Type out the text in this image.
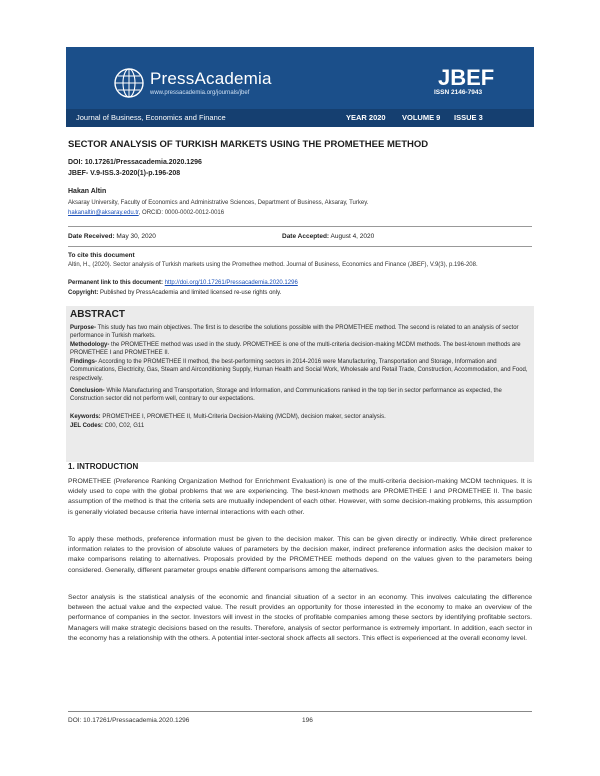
PressAcademia
www.pressacademia.org/journals/jbef
JBEF
ISSN 2146-7943
Journal of Business, Economics and Finance	YEAR 2020 VOLUME 9 ISSUE 3
SECTOR ANALYSIS OF TURKISH MARKETS USING THE PROMETHEE METHOD
DOI: 10.17261/Pressacademia.2020.1296
JBEF- V.9-ISS.3-2020(1)-p.196-208
Hakan Altin
Aksaray University, Faculty of Economics and Administrative Sciences, Department of Business, Aksaray, Turkey.
hakanaltin@aksaray.edu.tr, ORCID: 0000-0002-0012-0016
Date Received: May 30, 2020	Date Accepted: August 4, 2020
To cite this document
Altin, H., (2020). Sector analysis of Turkish markets using the Promethee method. Journal of Business, Economics and Finance (JBEF), V.9(3), p.196-208.
Permanent link to this document: http://doi.org/10.17261/Pressacademia.2020.1296
Copyright: Published by PressAcademia and limited licensed re-use rights only.
ABSTRACT

Purpose- This study has two main objectives. The first is to describe the solutions possible with the PROMETHEE method. The second is related to an analysis of sector performance in Turkish markets.

Methodology- the PROMETHEE method was used in the study. PROMETHEE is one of the multi-criteria decision-making MCDM methods. The best-known methods are PROMETHEE I and PROMETHEE II.

Findings- According to the PROMETHEE II method, the best-performing sectors in 2014-2016 were Manufacturing, Transportation and Storage, Information and Communications, Electricity, Gas, Steam and Airconditioning Supply, Human Health and Social Work, Wholesale and Retail Trade, Construction, Accommodation, and Food, respectively.

Conclusion- While Manufacturing and Transportation, Storage and Information, and Communications ranked in the top tier in sector performance as expected, the Construction sector did not perform well, contrary to our expectations.

Keywords: PROMETHEE I, PROMETHEE II, Multi-Criteria Decision-Making (MCDM), decision maker, sector analysis.

JEL Codes: C00, C02, G11

1. INTRODUCTION

PROMETHEE (Preference Ranking Organization Method for Enrichment Evaluation) is one of the multi-criteria decision-making MCDM techniques. It is widely used to cope with the global problems that we are experiencing. The best-known methods are PROMETHEE I and PROMETHEE II. The basic assumption of the method is that the criteria sets are mutually independent of each other. However, with some decision-making problems, this assumption is generally violated because criteria have internal interactions with each other.

To apply these methods, preference information must be given to the decision maker. This can be given directly or indirectly. While direct preference information relates to the provision of absolute values of parameters by the decision maker, indirect preference information asks the decision maker to make comparisons relating to alternatives. Proposals provided by the PROMETHEE methods depend on the values given to the parameters being considered. Generally, different parameter groups enable different comparisons among the alternatives.

Sector analysis is the statistical analysis of the economic and financial situation of a sector in an economy. This involves calculating the difference between the actual value and the expected value. The result provides an opportunity for those interested in the economy to make an overview of the performance of companies in the sector. Investors will invest in the stocks of profitable companies among these sectors by identifying profitable sectors. Managers will make strategic decisions based on the results. Therefore, analysis of sector performance is extremely important. In addition, each sector in the economy has a relationship with the others. A potential inter-sectoral shock affects all sectors. This effect is experienced at the overall economy level.

DOI: 10.17261/Pressacademia.2020.1296	196
